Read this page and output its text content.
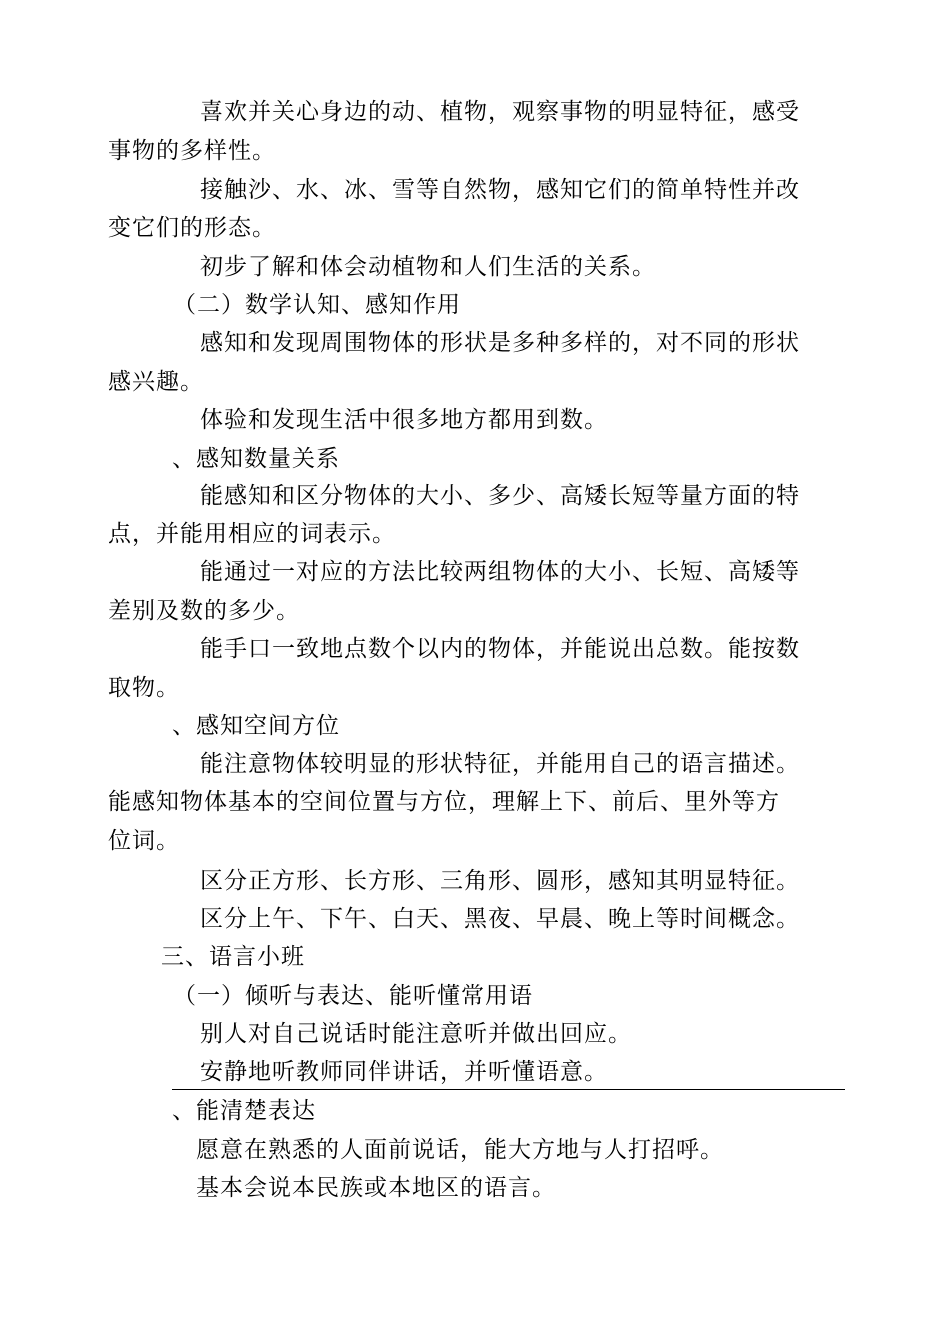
喜欢并关心身边的动、植物，观察事物的明显特征，感受
事物的多样性。
接触沙、水、冰、雪等自然物，感知它们的简单特性并改
变它们的形态。
初步了解和体会动植物和人们生活的关系。
（二）数学认知、感知作用
感知和发现周围物体的形状是多种多样的，对不同的形状
感兴趣。
体验和发现生活中很多地方都用到数。
、感知数量关系
能感知和区分物体的大小、多少、高矮长短等量方面的特
点，并能用相应的词表示。
能通过一对应的方法比较两组物体的大小、长短、高矮等
差别及数的多少。
能手口一致地点数个以内的物体，并能说出总数。能按数
取物。
、感知空间方位
能注意物体较明显的形状特征，并能用自己的语言描述。
能感知物体基本的空间位置与方位，理解上下、前后、里外等方
位词。
区分正方形、长方形、三角形、圆形，感知其明显特征。
区分上午、下午、白天、黑夜、早晨、晚上等时间概念。
三、语言小班
（一）倾听与表达、能听懂常用语
别人对自己说话时能注意听并做出回应。
安静地听教师同伴讲话，并听懂语意。
、能清楚表达
愿意在熟悉的人面前说话，能大方地与人打招呼。
基本会说本民族或本地区的语言。
